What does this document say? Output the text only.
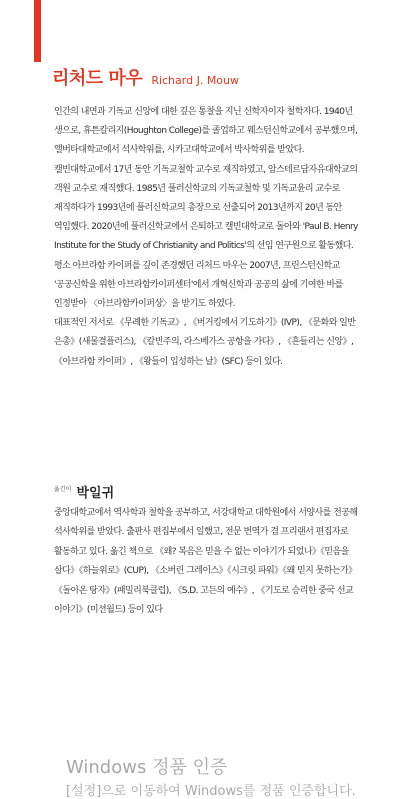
리처드 마우 Richard J. Mouw

인간의 내면과 기독교 신앙에 대한 깊은 통찰을 지닌 신학자이자 철학자다. 1940년 생으로, 휴튼칼리지(Houghton College)를 졸업하고 웨스턴신학교에서 공부했으며, 앨버타대학교에서 석사학위를, 시카고대학교에서 박사학위를 받았다.

캘빈대학교에서 17년 동안 기독교철학 교수로 재직하였고, 암스테르담자유대학교의 객원 교수로 재직했다. 1985년 풀러신학교의 기독교철학 및 기독교윤리 교수로 재직하다가 1993년에 풀러신학교의 총장으로 선출되어 2013년까지 20년 동안 역임했다. 2020년에 풀러신학교에서 은퇴하고 캘빈대학교로 돌아와 'Paul B. Henry Institute for the Study of Christianity and Politics'의 선임 연구원으로 활동했다.

평소 아브라함 카이퍼를 깊이 존경했던 리처드 마우는 2007년, 프린스턴신학교 '공공신학을 위한 아브라함카이퍼센터'에서 개혁신학과 공공의 삶에 기여한 바를 인정받아 〈아브라함카이퍼상〉을 받기도 하였다.

대표적인 저서로 《무례한 기독교》, 《버거킹에서 기도하기》(IVP), 《문화와 일반 은총》(새물결플러스), 《칼빈주의, 라스베가스 공항을 가다》, 《흔들리는 신앙》, 《아브라함 카이퍼》, 《왕들이 입성하는 날》(SFC) 등이 있다.

$^{옮긴이}$ 박일귀

중앙대학교에서 역사학과 철학을 공부하고, 서강대학교 대학원에서 서양사를 전공해 석사학위를 받았다. 출판사 편집부에서 일했고, 전문 번역가 겸 프리랜서 편집자로 활동하고 있다. 옮긴 책으로 《왜? 복음은 믿을 수 없는 이야기가 되었나》《믿음을 살다》《하늘위로》(CUP), 《소버린 그레이스》《시크릿 파워》《왜 믿지 못하는가》《돌아온 탕자》(패밀리북클럽), 《S.D. 고든의 예수》, 《기도로 승리한 중국 선교 이야기》(미션월드) 등이 있다

Windows 정품 인증
[설정]으로 이동하여 Windows를 정품 인증합니다.
